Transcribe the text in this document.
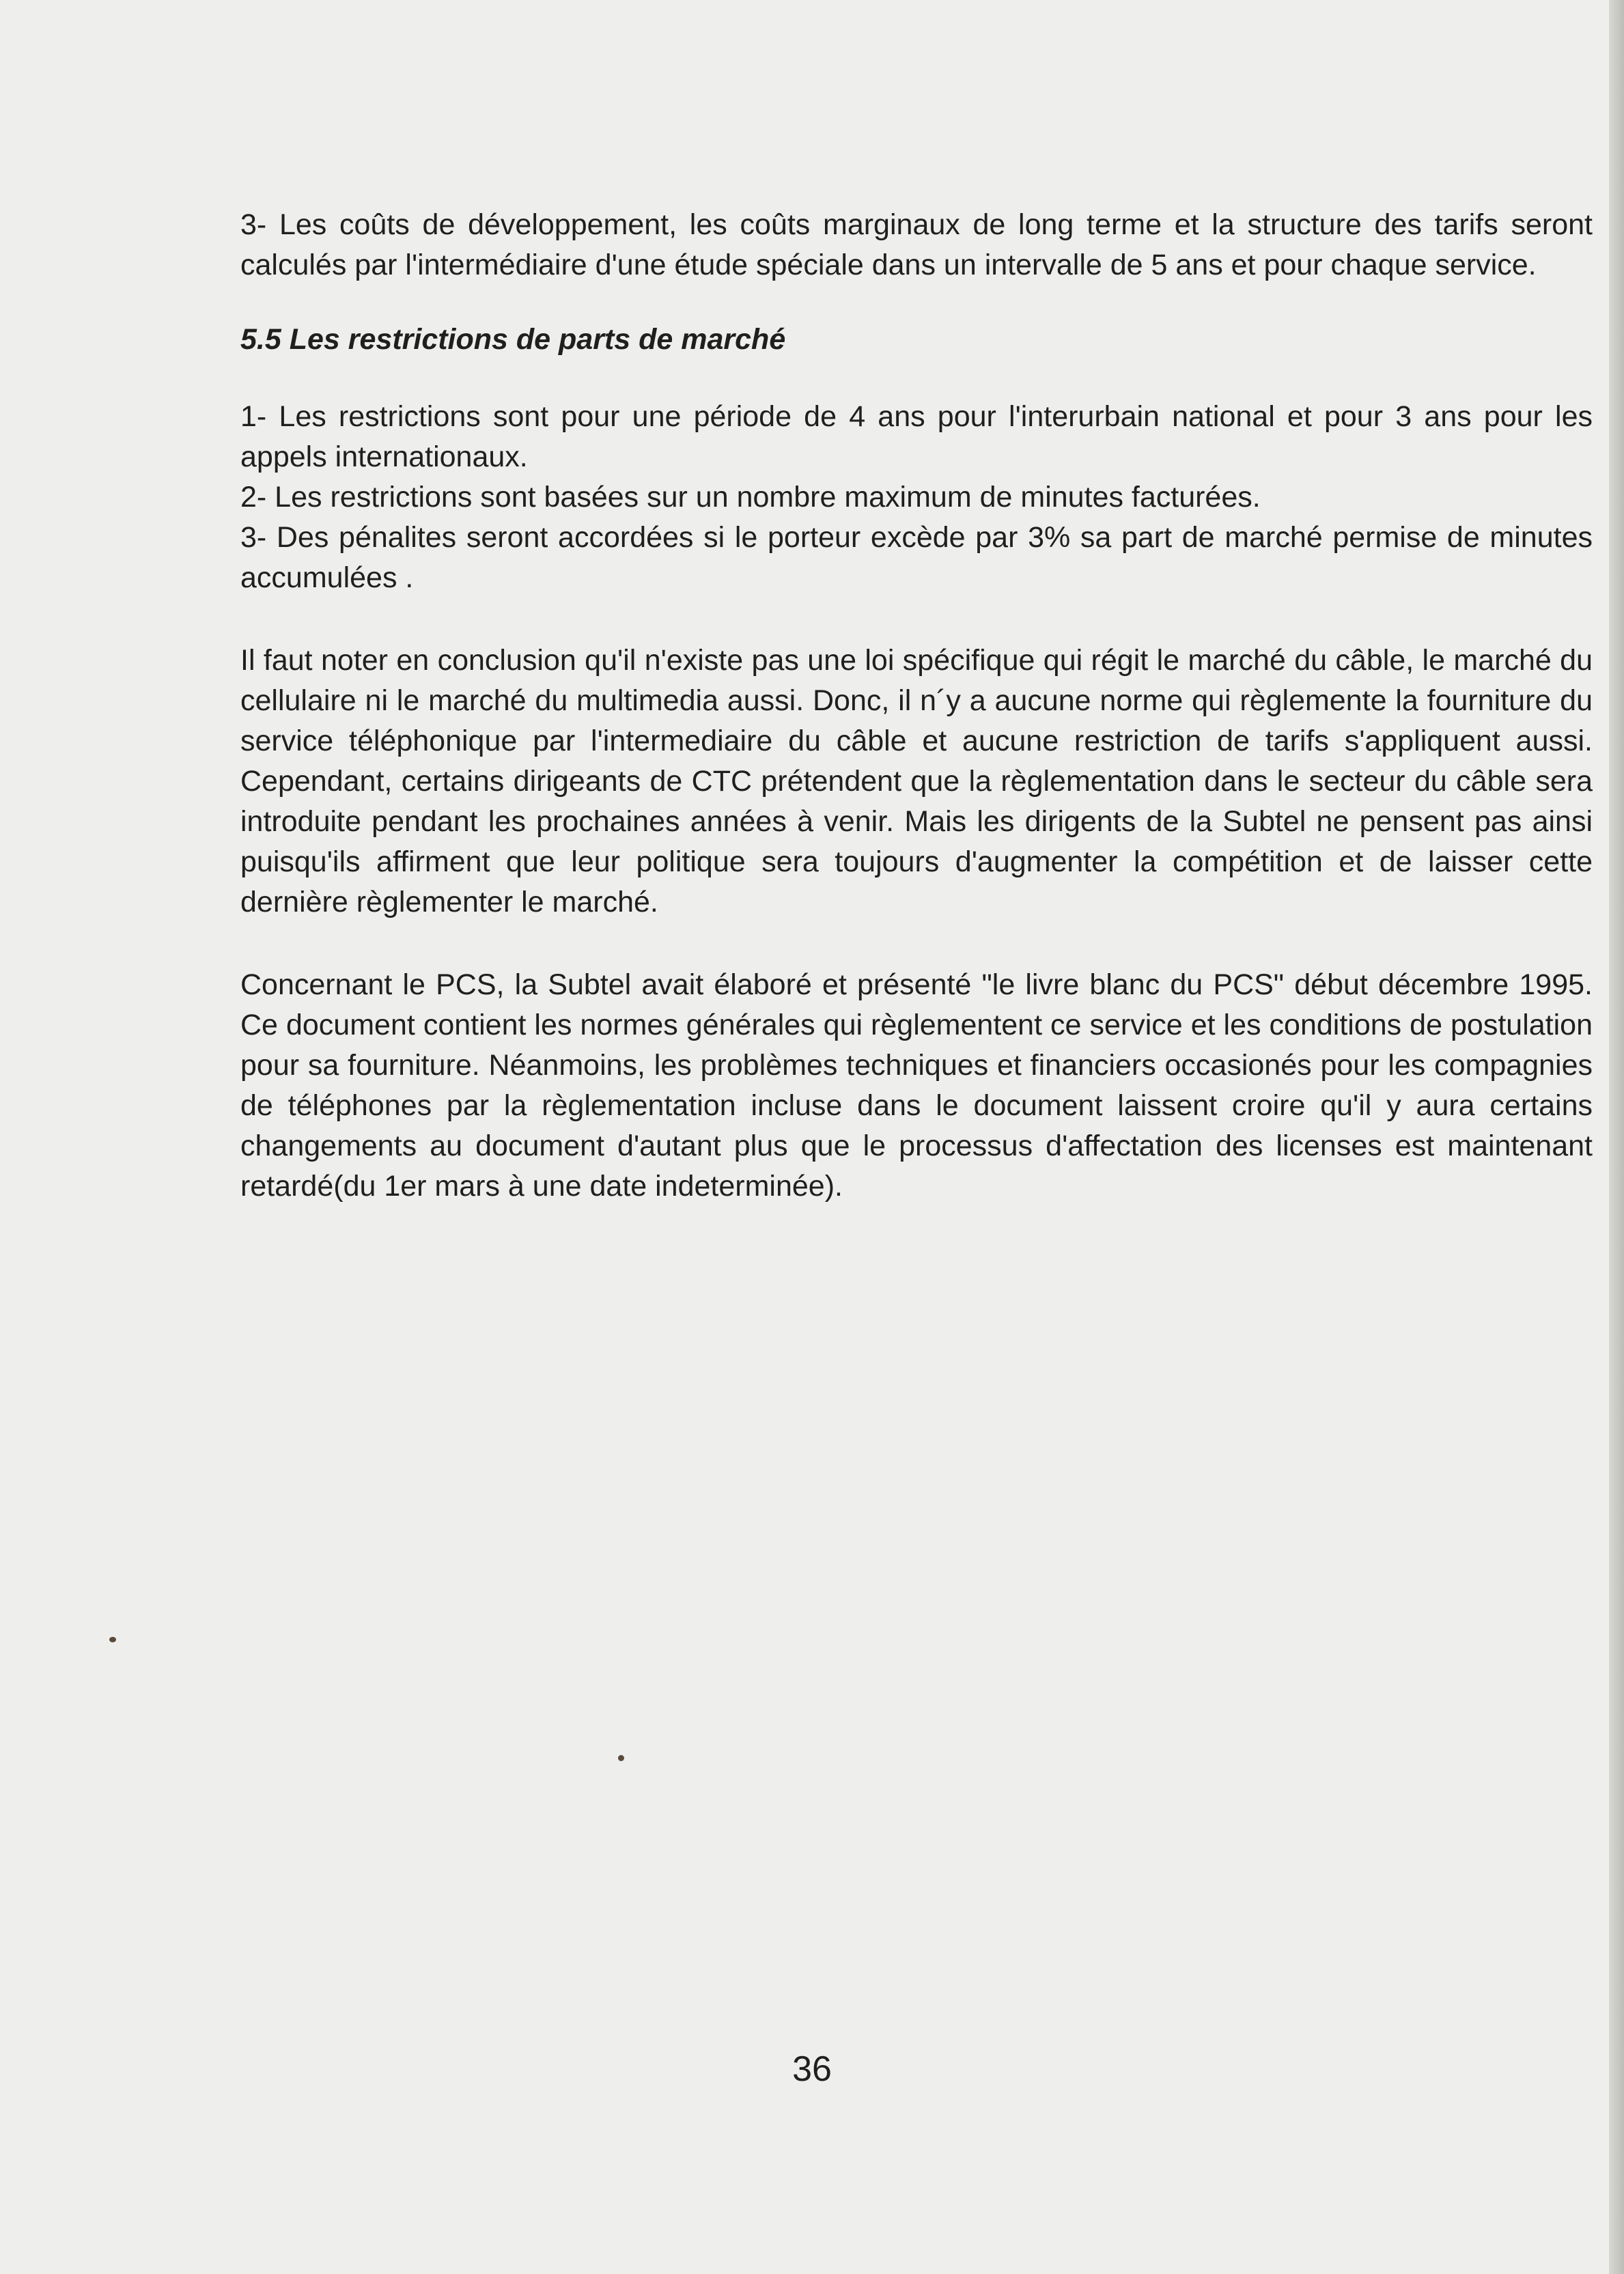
3- Les coûts de développement, les coûts marginaux de long terme et la structure des tarifs seront calculés par l'intermédiaire d'une étude spéciale dans un intervalle de 5 ans et pour chaque service.

5.5 Les restrictions de parts de marché

1- Les restrictions sont pour une période de 4 ans pour l'interurbain national et pour 3 ans pour les appels internationaux.

2- Les restrictions sont basées sur un nombre maximum de minutes facturées.

3- Des pénalites seront accordées si le porteur excède par 3% sa part de marché permise de minutes accumulées .

Il faut noter en conclusion qu'il n'existe pas une loi spécifique qui régit le marché du câble, le marché du cellulaire ni le marché du multimedia aussi. Donc, il n´y a aucune norme qui règlemente la fourniture du service téléphonique par l'intermediaire du câble et aucune restriction de tarifs s'appliquent aussi. Cependant, certains dirigeants de CTC prétendent que la règlementation dans le secteur du câble sera introduite pendant les prochaines années à venir. Mais les dirigents de la Subtel ne pensent pas ainsi puisqu'ils affirment que leur politique sera toujours d'augmenter la compétition et de laisser cette dernière règlementer le marché.

Concernant le PCS, la Subtel avait élaboré et présenté "le livre blanc du PCS" début décembre 1995. Ce document contient les normes générales qui règlementent ce service et les conditions de postulation pour sa fourniture. Néanmoins, les problèmes techniques et financiers occasionés pour les compagnies de téléphones par la règlementation incluse dans le document laissent croire qu'il y aura certains changements au document d'autant plus que le processus d'affectation des licenses est maintenant retardé(du 1er mars à une date indeterminée).

36
